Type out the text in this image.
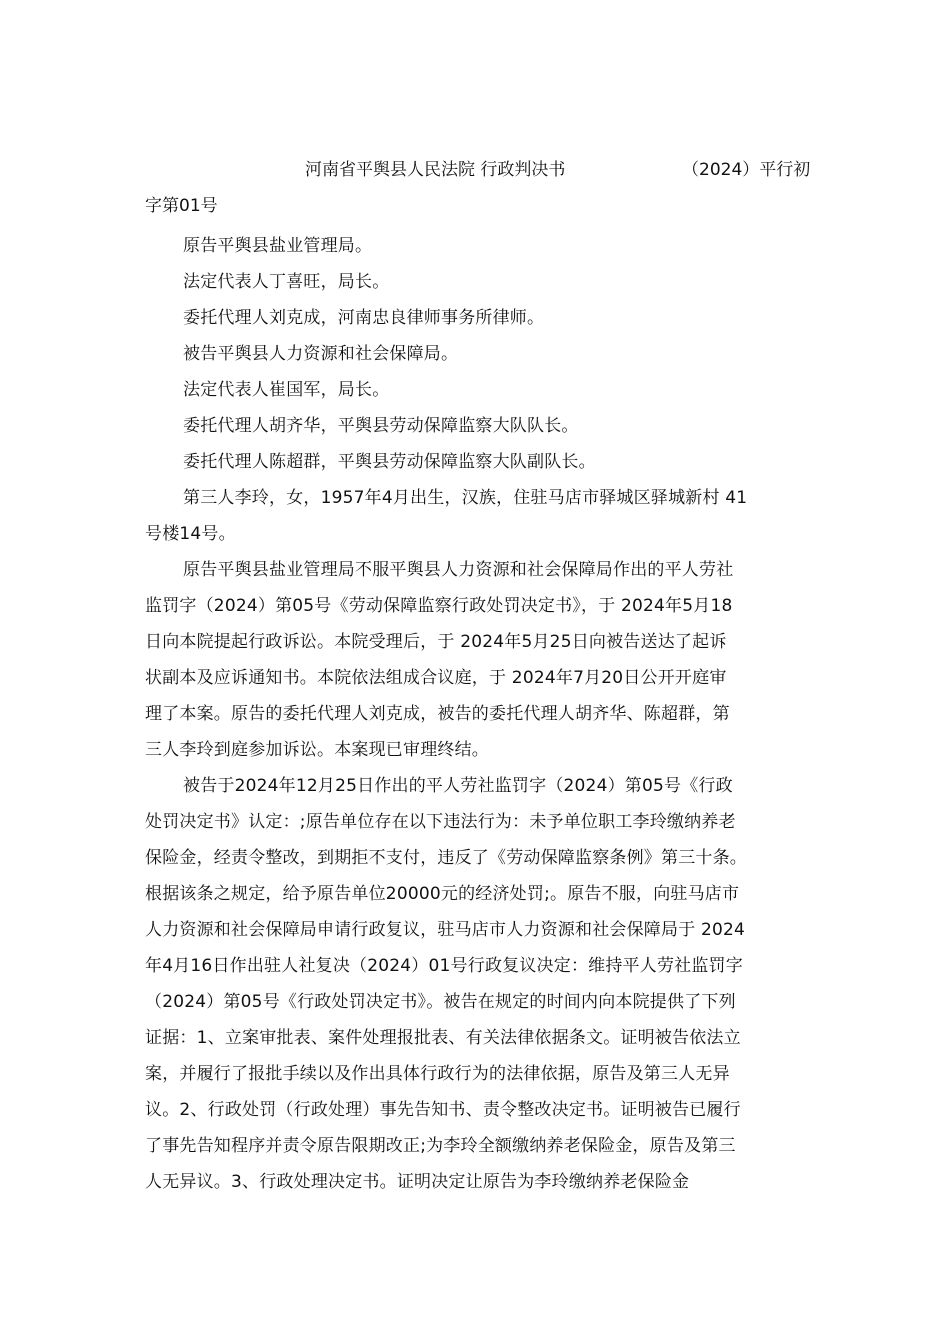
河南省平舆县人民法院 行政判决书	（2024）平行初
字第01号
原告平舆县盐业管理局。
法定代表人丁喜旺，局长。
委托代理人刘克成，河南忠良律师事务所律师。
被告平舆县人力资源和社会保障局。
法定代表人崔国军，局长。
委托代理人胡齐华，平舆县劳动保障监察大队队长。
委托代理人陈超群，平舆县劳动保障监察大队副队长。
第三人李玲，女，1957年4月出生，汉族，住驻马店市驿城区驿城新村 41
号楼14号。
原告平舆县盐业管理局不服平舆县人力资源和社会保障局作出的平人劳社
监罚字（2024）第05号《劳动保障监察行政处罚决定书》，于 2024年5月18
日向本院提起行政诉讼。本院受理后，于 2024年5月25日向被告送达了起诉
状副本及应诉通知书。本院依法组成合议庭，于 2024年7月20日公开开庭审
理了本案。原告的委托代理人刘克成，被告的委托代理人胡齐华、陈超群，第
三人李玲到庭参加诉讼。本案现已审理终结。
被告于2024年12月25日作出的平人劳社监罚字（2024）第05号《行政
处罚决定书》认定：;原告单位存在以下违法行为：未予单位职工李玲缴纳养老
保险金，经责令整改，到期拒不支付，违反了《劳动保障监察条例》第三十条。
根据该条之规定，给予原告单位20000元的经济处罚;。原告不服，向驻马店市
人力资源和社会保障局申请行政复议，驻马店市人力资源和社会保障局于 2024
年4月16日作出驻人社复决（2024）01号行政复议决定：维持平人劳社监罚字
（2024）第05号《行政处罚决定书》。被告在规定的时间内向本院提供了下列
证据：1、立案审批表、案件处理报批表、有关法律依据条文。证明被告依法立
案，并履行了报批手续以及作出具体行政行为的法律依据，原告及第三人无异
议。2、行政处罚（行政处理）事先告知书、责令整改决定书。证明被告已履行
了事先告知程序并责令原告限期改正;为李玲全额缴纳养老保险金，原告及第三
人无异议。3、行政处理决定书。证明决定让原告为李玲缴纳养老保险金
